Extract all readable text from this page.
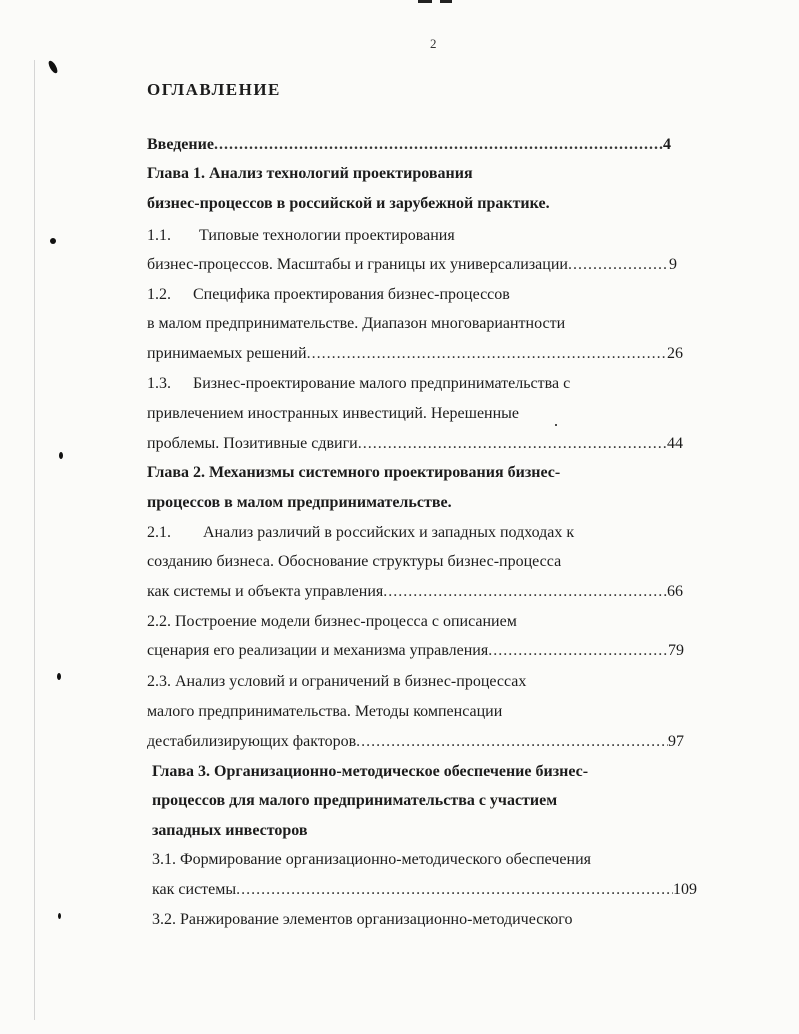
2
ОГЛАВЛЕНИЕ
Введение .....	4
Глава 1. Анализ технологий проектирования
бизнес-процессов в российской и зарубежной практике.
1.1. Типовые технологии проектирования
бизнес-процессов. Масштабы и границы их универсализации .....	9
1.2. Специфика проектирования бизнес-процессов
в малом предпринимательстве. Диапазон многовариантности
принимаемых решений .....	26
1.3. Бизнес-проектирование малого предпринимательства с
привлечением иностранных инвестиций. Нерешенные
проблемы. Позитивные сдвиги .....	44
Глава 2. Механизмы системного проектирования бизнес-
процессов в малом предпринимательстве.
2.1. Анализ различий в российских и западных подходах к
созданию бизнеса. Обоснование структуры бизнес-процесса
как системы и объекта управления .....	66
2.2. Построение модели бизнес-процесса с описанием
сценария его реализации и механизма управления .....	79
2.3. Анализ условий и ограничений в бизнес-процессах
малого предпринимательства. Методы компенсации
дестабилизирующих факторов .....	97
Глава 3. Организационно-методическое обеспечение бизнес-
процессов для малого предпринимательства с участием
западных инвесторов
3.1. Формирование организационно-методического обеспечения
как системы .....	109
3.2. Ранжирование элементов организационно-методического
